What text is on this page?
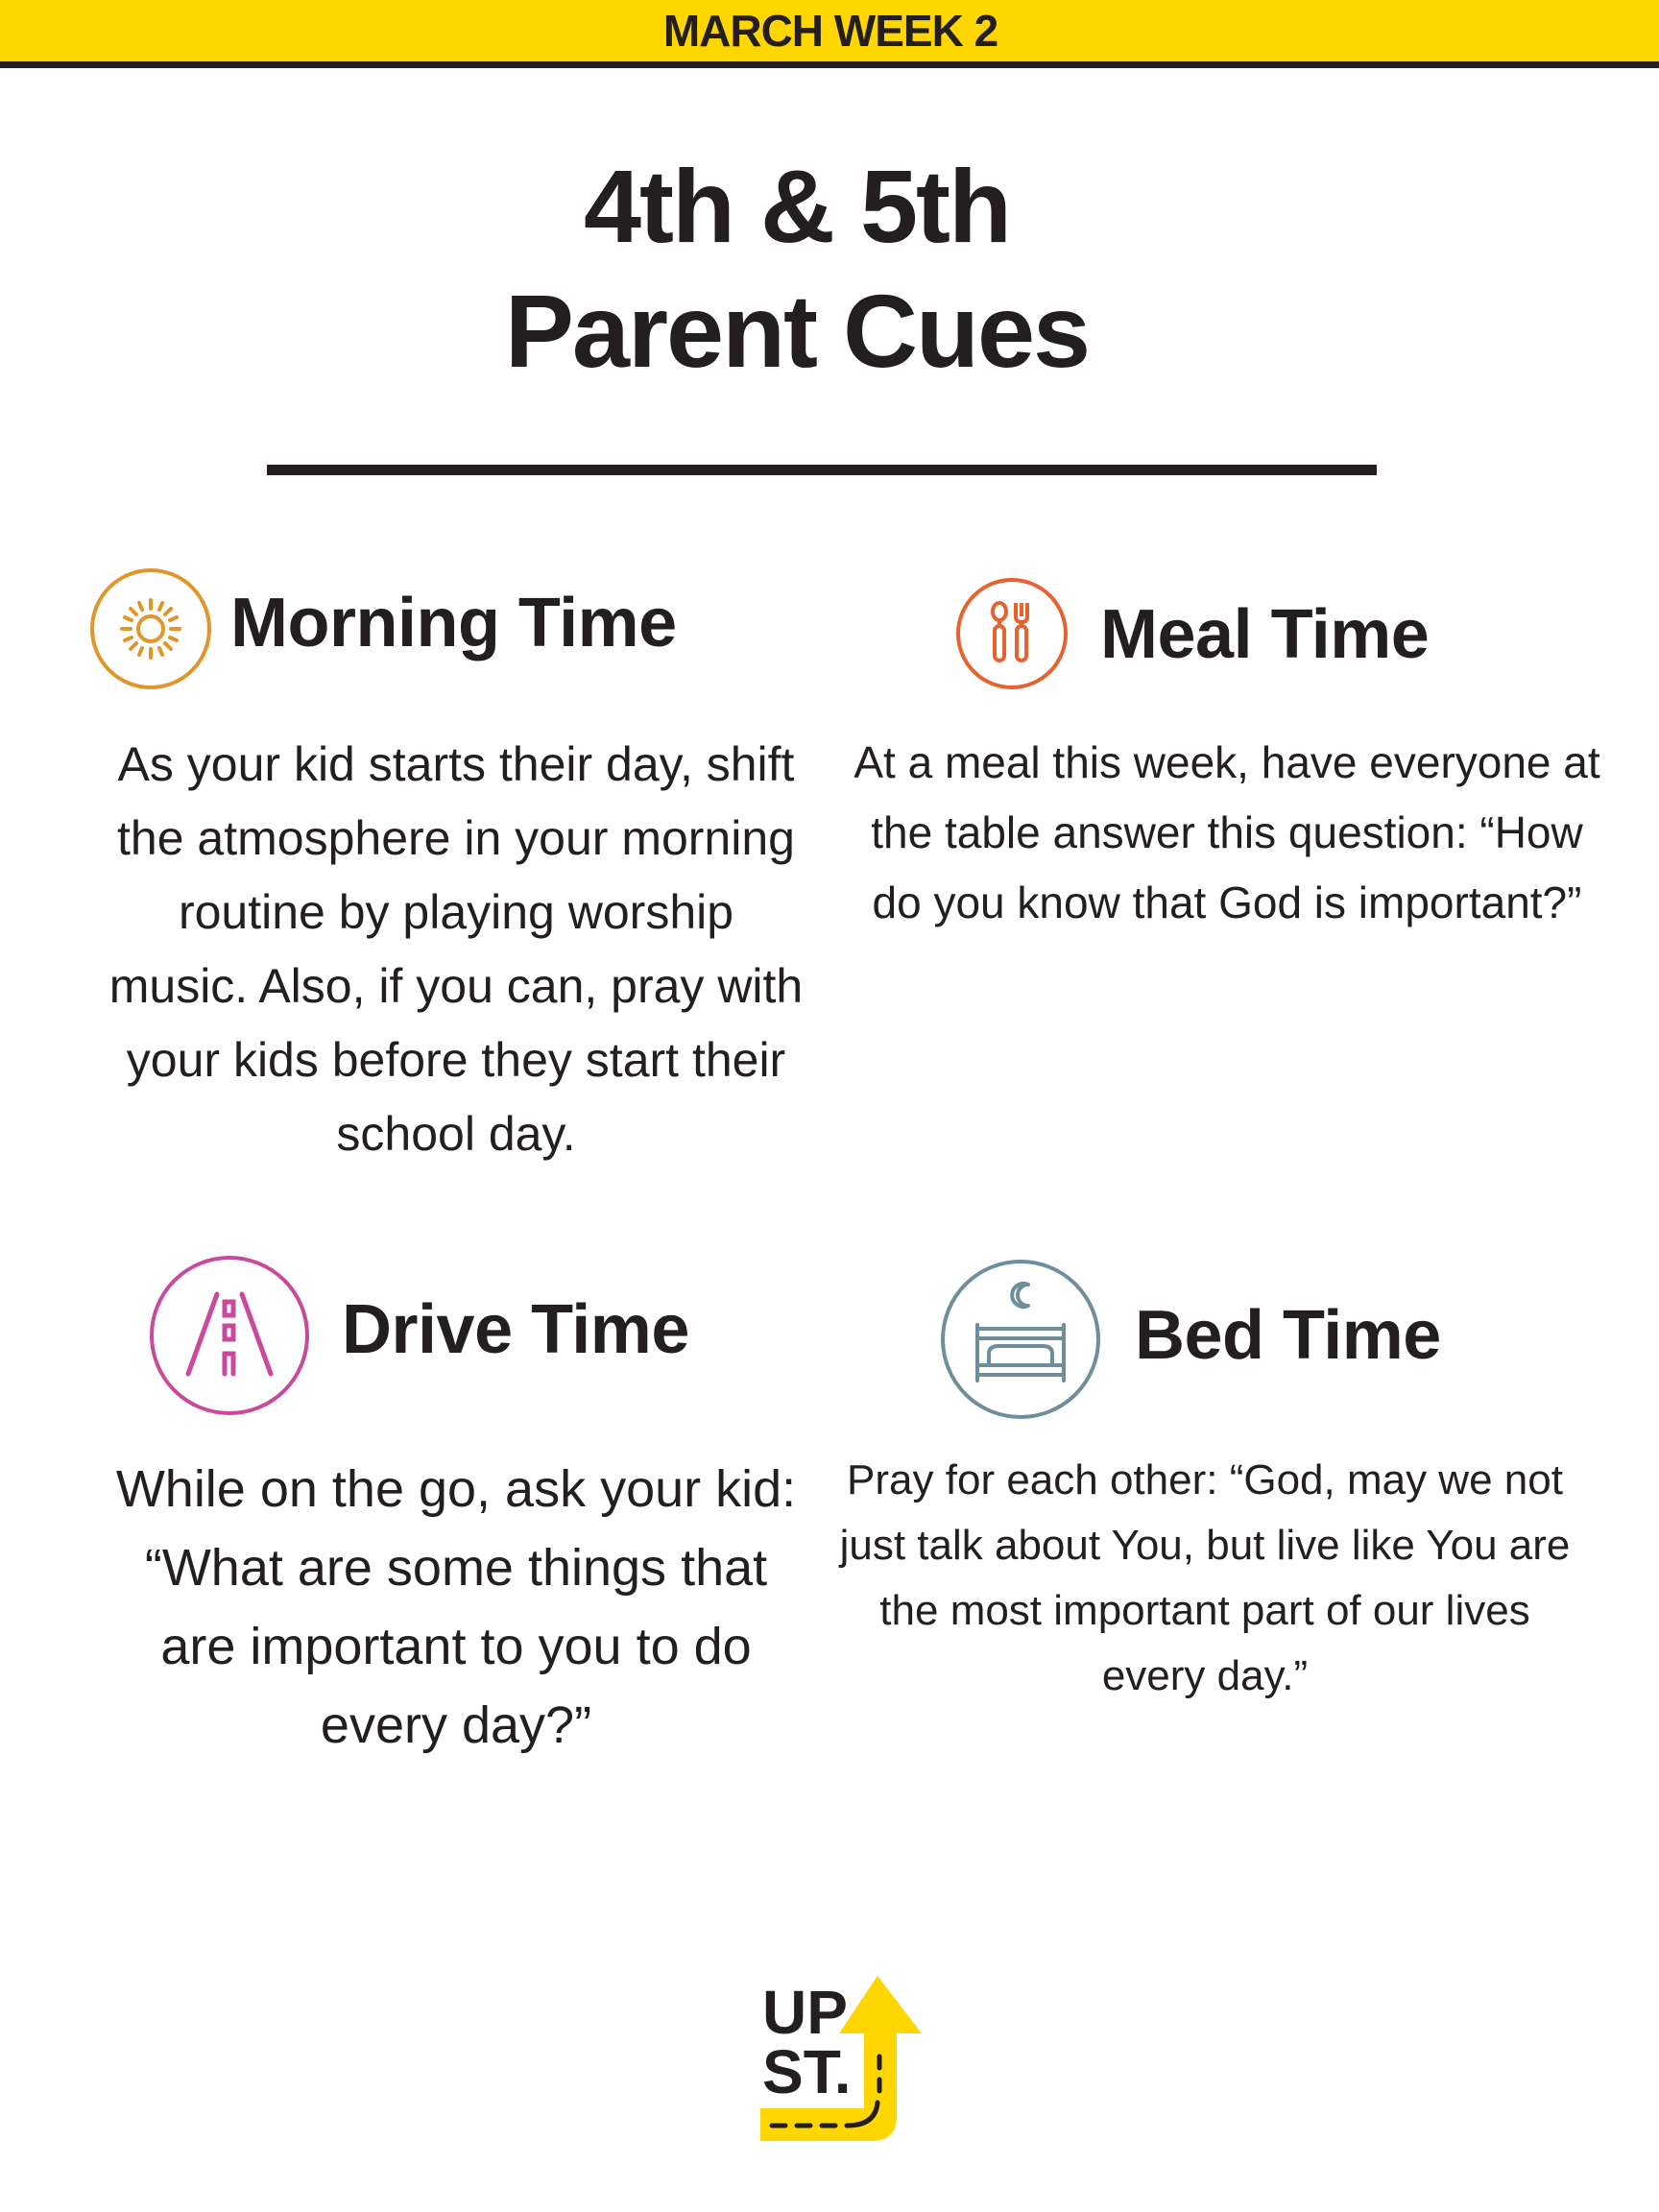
MARCH WEEK 2
4th & 5th
Parent Cues
Morning Time
As your kid starts their day, shift the atmosphere in your morning routine by playing worship music. Also, if you can, pray with your kids before they start their school day.
Meal Time
At a meal this week, have everyone at the table answer this question: “How do you know that God is important?”
Drive Time
While on the go, ask your kid: “What are some things that are important to you to do every day?”
Bed Time
Pray for each other: “God, may we not just talk about You, but live like You are the most important part of our lives every day.”
UP
ST.
